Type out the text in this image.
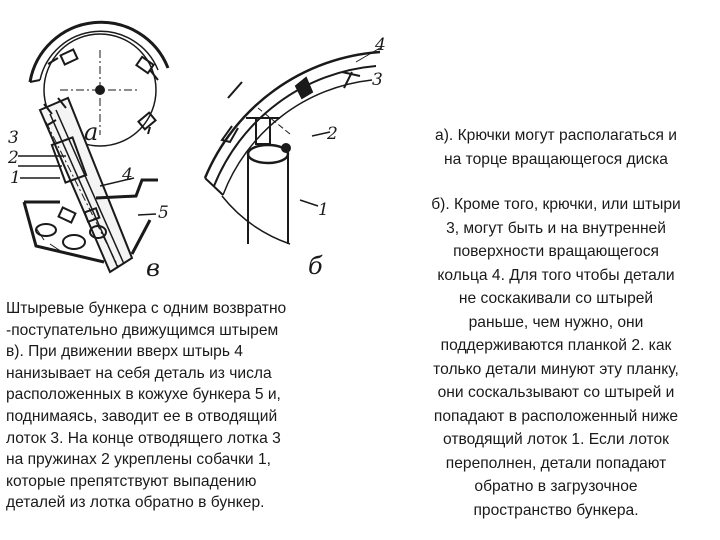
а
3
2
1	4
5
в
4
3
2
1
б
а). Крючки могут располагаться и
на торце вращающегося диска
б). Кроме того, крючки, или штыри
3, могут быть и на внутренней
поверхности вращающегося
кольца 4. Для того чтобы детали
не соскакивали со штырей
раньше, чем нужно, они
поддерживаются планкой 2. как
только детали минуют эту планку,
они соскальзывают со штырей и
попадают в расположенный ниже
отводящий лоток 1. Если лоток
переполнен, детали попадают
обратно в загрузочное
пространство бункера.
Штыревые бункера с одним возвратно
-поступательно движущимся штырем
в). При движении вверх штырь 4
нанизывает на себя деталь из числа
расположенных в кожухе бункера 5 и,
поднимаясь, заводит ее в отводящий
лоток 3. На конце отводящего лотка 3
на пружинах 2 укреплены собачки 1,
которые препятствуют выпадению
деталей из лотка обратно в бункер.
